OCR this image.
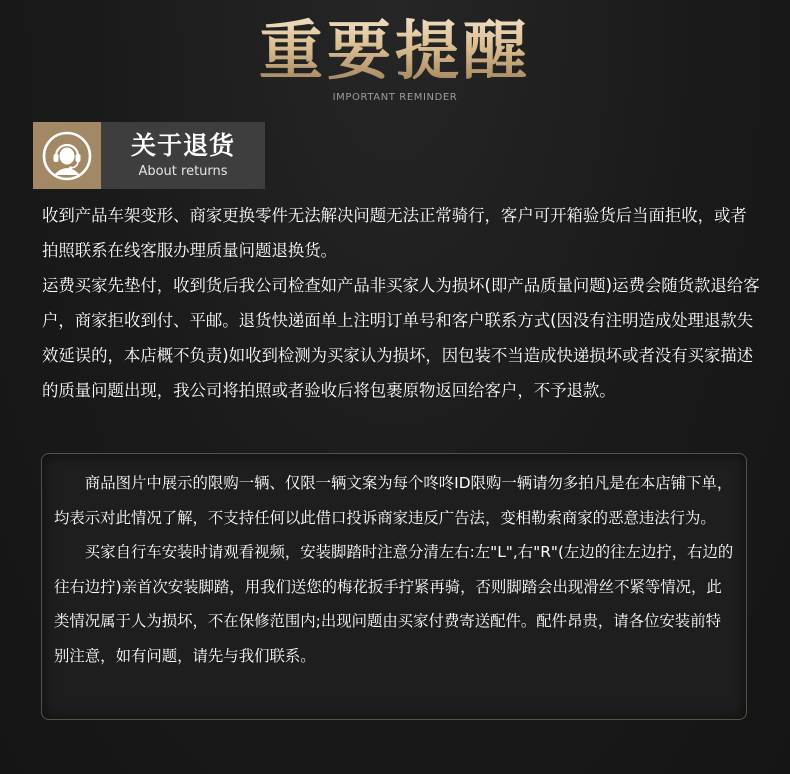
重要提醒
IMPORTANT REMINDER
关于退货
About returns

收到产品车架变形、商家更换零件无法解决问题无法正常骑行，客户可开箱验货后当面拒收，或者拍照联系在线客服办理质量问题退换货。

运费买家先垫付，收到货后我公司检查如产品非买家人为损坏(即产品质量问题)运费会随货款退给客户，商家拒收到付、平邮。退货快递面单上注明订单号和客户联系方式(因没有注明造成处理退款失效延误的，本店概不负责)如收到检测为买家认为损坏，因包装不当造成快递损坏或者没有买家描述的质量问题出现，我公司将拍照或者验收后将包裹原物返回给客户，不予退款。

商品图片中展示的限购一辆、仅限一辆文案为每个咚咚ID限购一辆请勿多拍凡是在本店铺下单，均表示对此情况了解，不支持任何以此借口投诉商家违反广告法，变相勒索商家的恶意违法行为。

买家自行车安装时请观看视频，安装脚踏时注意分清左右:左"L",右"R"(左边的往左边拧，右边的往右边拧)亲首次安装脚踏，用我们送您的梅花扳手拧紧再骑，否则脚踏会出现滑丝不紧等情况，此类情况属于人为损坏，不在保修范围内;出现问题由买家付费寄送配件。配件昂贵，请各位安装前特别注意，如有问题，请先与我们联系。
